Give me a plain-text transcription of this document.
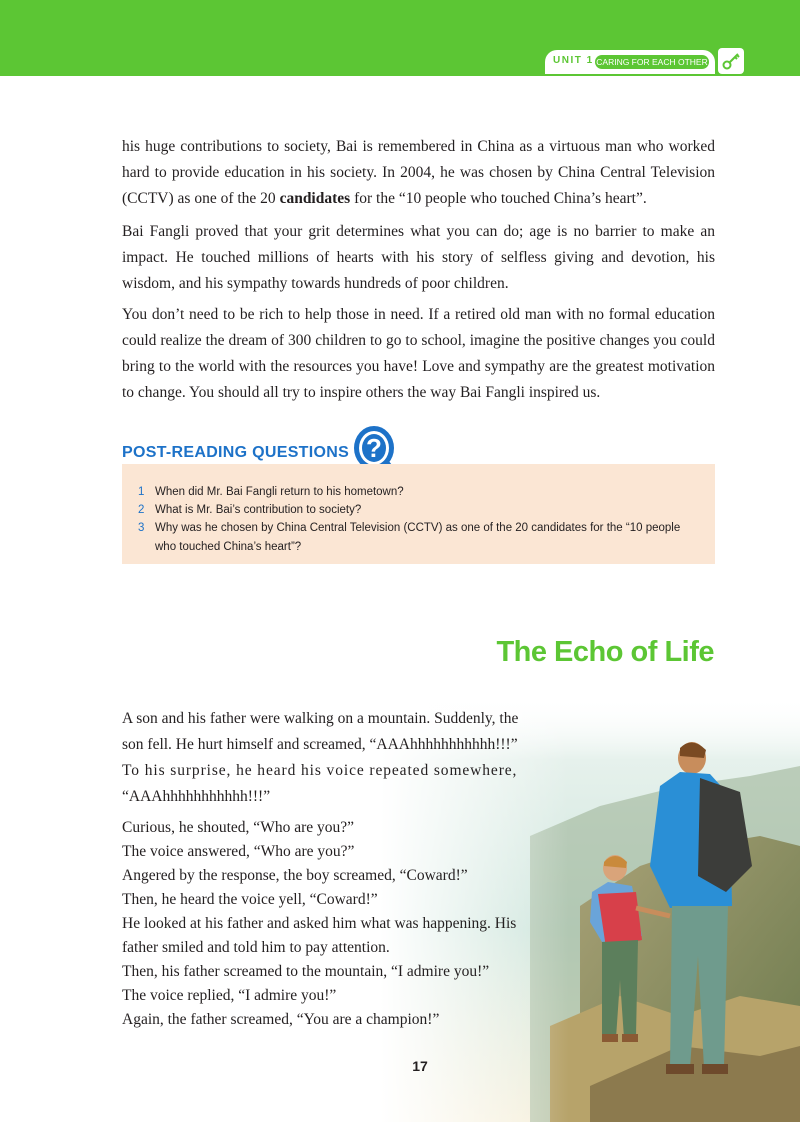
UNIT 1 CARING FOR EACH OTHER

his huge contributions to society, Bai is remembered in China as a virtuous man who worked hard to provide education in his society. In 2004, he was chosen by China Central Television (CCTV) as one of the 20 candidates for the “10 people who touched China’s heart”.

Bai Fangli proved that your grit determines what you can do; age is no barrier to make an impact. He touched millions of hearts with his story of selfless giving and devotion, his wisdom, and his sympathy towards hundreds of poor children.

You don’t need to be rich to help those in need. If a retired old man with no formal education could realize the dream of 300 children to go to school, imagine the positive changes you could bring to the world with the resources you have! Love and sympathy are the greatest motivation to change. You should all try to inspire others the way Bai Fangli inspired us.

POST-READING QUESTIONS ?
1 When did Mr. Bai Fangli return to his hometown?
2 What is Mr. Bai’s contribution to society?
3 Why was he chosen by China Central Television (CCTV) as one of the 20 candidates for the “10 people
who touched China’s heart”?
The Echo of Life

A son and his father were walking on a mountain. Suddenly, the

son fell. He hurt himself and screamed, “AAAhhhhhhhhhhh!!!”

To his surprise, he heard his voice repeated somewhere,

“AAAhhhhhhhhhhh!!!”

Curious, he shouted, “Who are you?”

The voice answered, “Who are you?”

Angered by the response, the boy screamed, “Coward!”

Then, he heard the voice yell, “Coward!”

He looked at his father and asked him what was happening. His

father smiled and told him to pay attention.

Then, his father screamed to the mountain, “I admire you!”

The voice replied, “I admire you!”

Again, the father screamed, “You are a champion!”

17
